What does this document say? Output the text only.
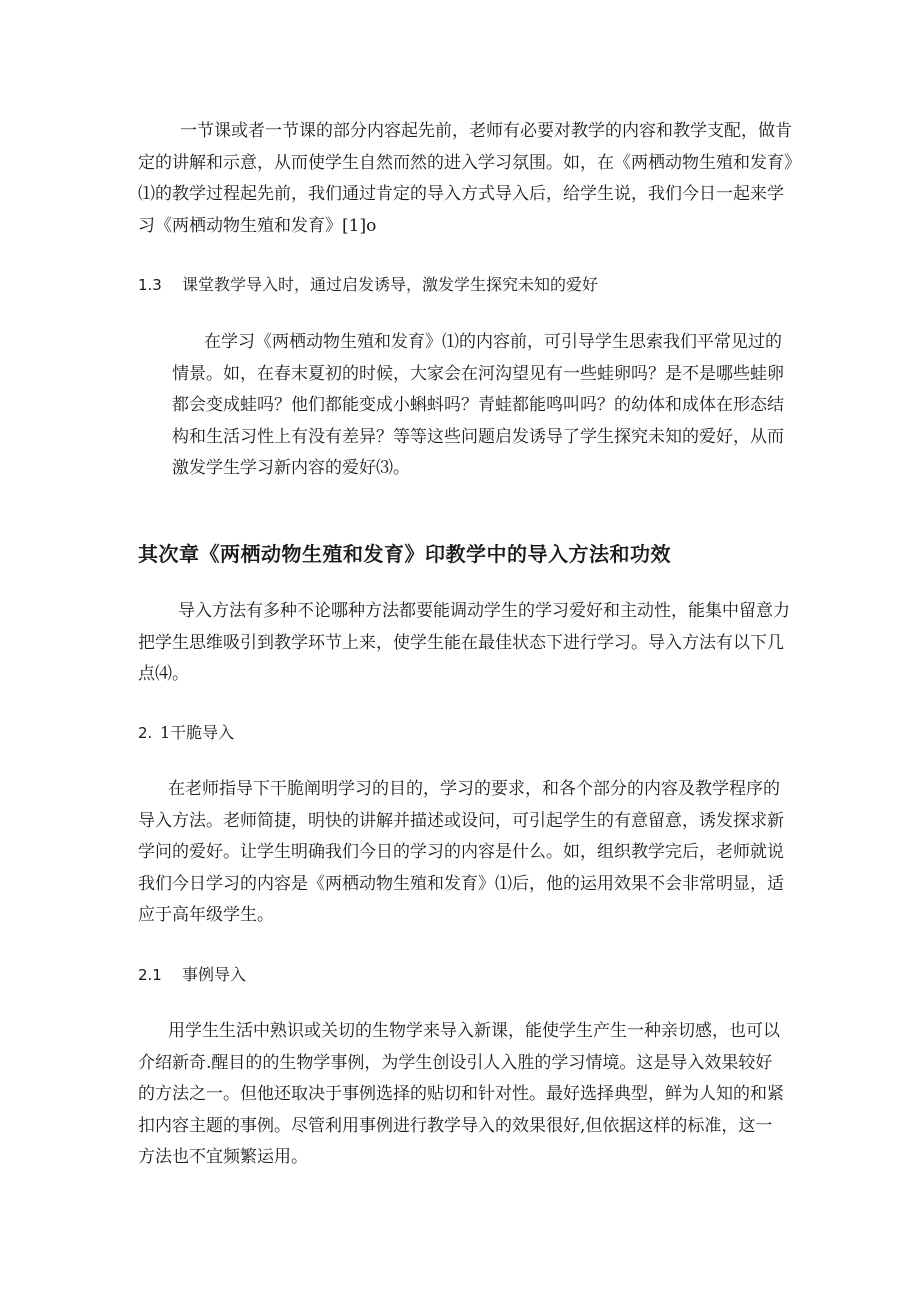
一节课或者一节课的部分内容起先前，老师有必要对教学的内容和教学支配，做肯
定的讲解和示意，从而使学生自然而然的进入学习氛围。如，在《两栖动物生殖和发育》
⑴的教学过程起先前，我们通过肯定的导入方式导入后，给学生说，我们今日一起来学
习《两栖动物生殖和发育》[1]o

1.3 课堂教学导入时，通过启发诱导，激发学生探究未知的爱好

在学习《两栖动物生殖和发育》⑴的内容前，可引导学生思索我们平常见过的
情景。如，在春末夏初的时候，大家会在河沟望见有一些蛙卵吗？是不是哪些蛙卵
都会变成蛙吗？他们都能变成小蝌蚪吗？青蛙都能鸣叫吗？的幼体和成体在形态结
构和生活习性上有没有差异？等等这些问题启发诱导了学生探究未知的爱好，从而
激发学生学习新内容的爱好⑶。
其次章《两栖动物生殖和发育》印教学中的导入方法和功效
导入方法有多种不论哪种方法都要能调动学生的学习爱好和主动性，能集中留意力
把学生思维吸引到教学环节上来，使学生能在最佳状态下进行学习。导入方法有以下几
点⑷。

2. 1干脆导入

在老师指导下干脆阐明学习的目的，学习的要求，和各个部分的内容及教学程序的
导入方法。老师简捷，明快的讲解并描述或设问，可引起学生的有意留意，诱发探求新
学问的爱好。让学生明确我们今日的学习的内容是什么。如，组织教学完后，老师就说
我们今日学习的内容是《两栖动物生殖和发育》⑴后，他的运用效果不会非常明显，适
应于高年级学生。

2.1 事例导入

用学生生活中熟识或关切的生物学来导入新课，能使学生产生一种亲切感，也可以
介绍新奇.醒目的的生物学事例，为学生创设引人入胜的学习情境。这是导入效果较好
的方法之一。但他还取决于事例选择的贴切和针对性。最好选择典型，鲜为人知的和紧
扣内容主题的事例。尽管利用事例进行教学导入的效果很好,但依据这样的标准，这一
方法也不宜频繁运用。
